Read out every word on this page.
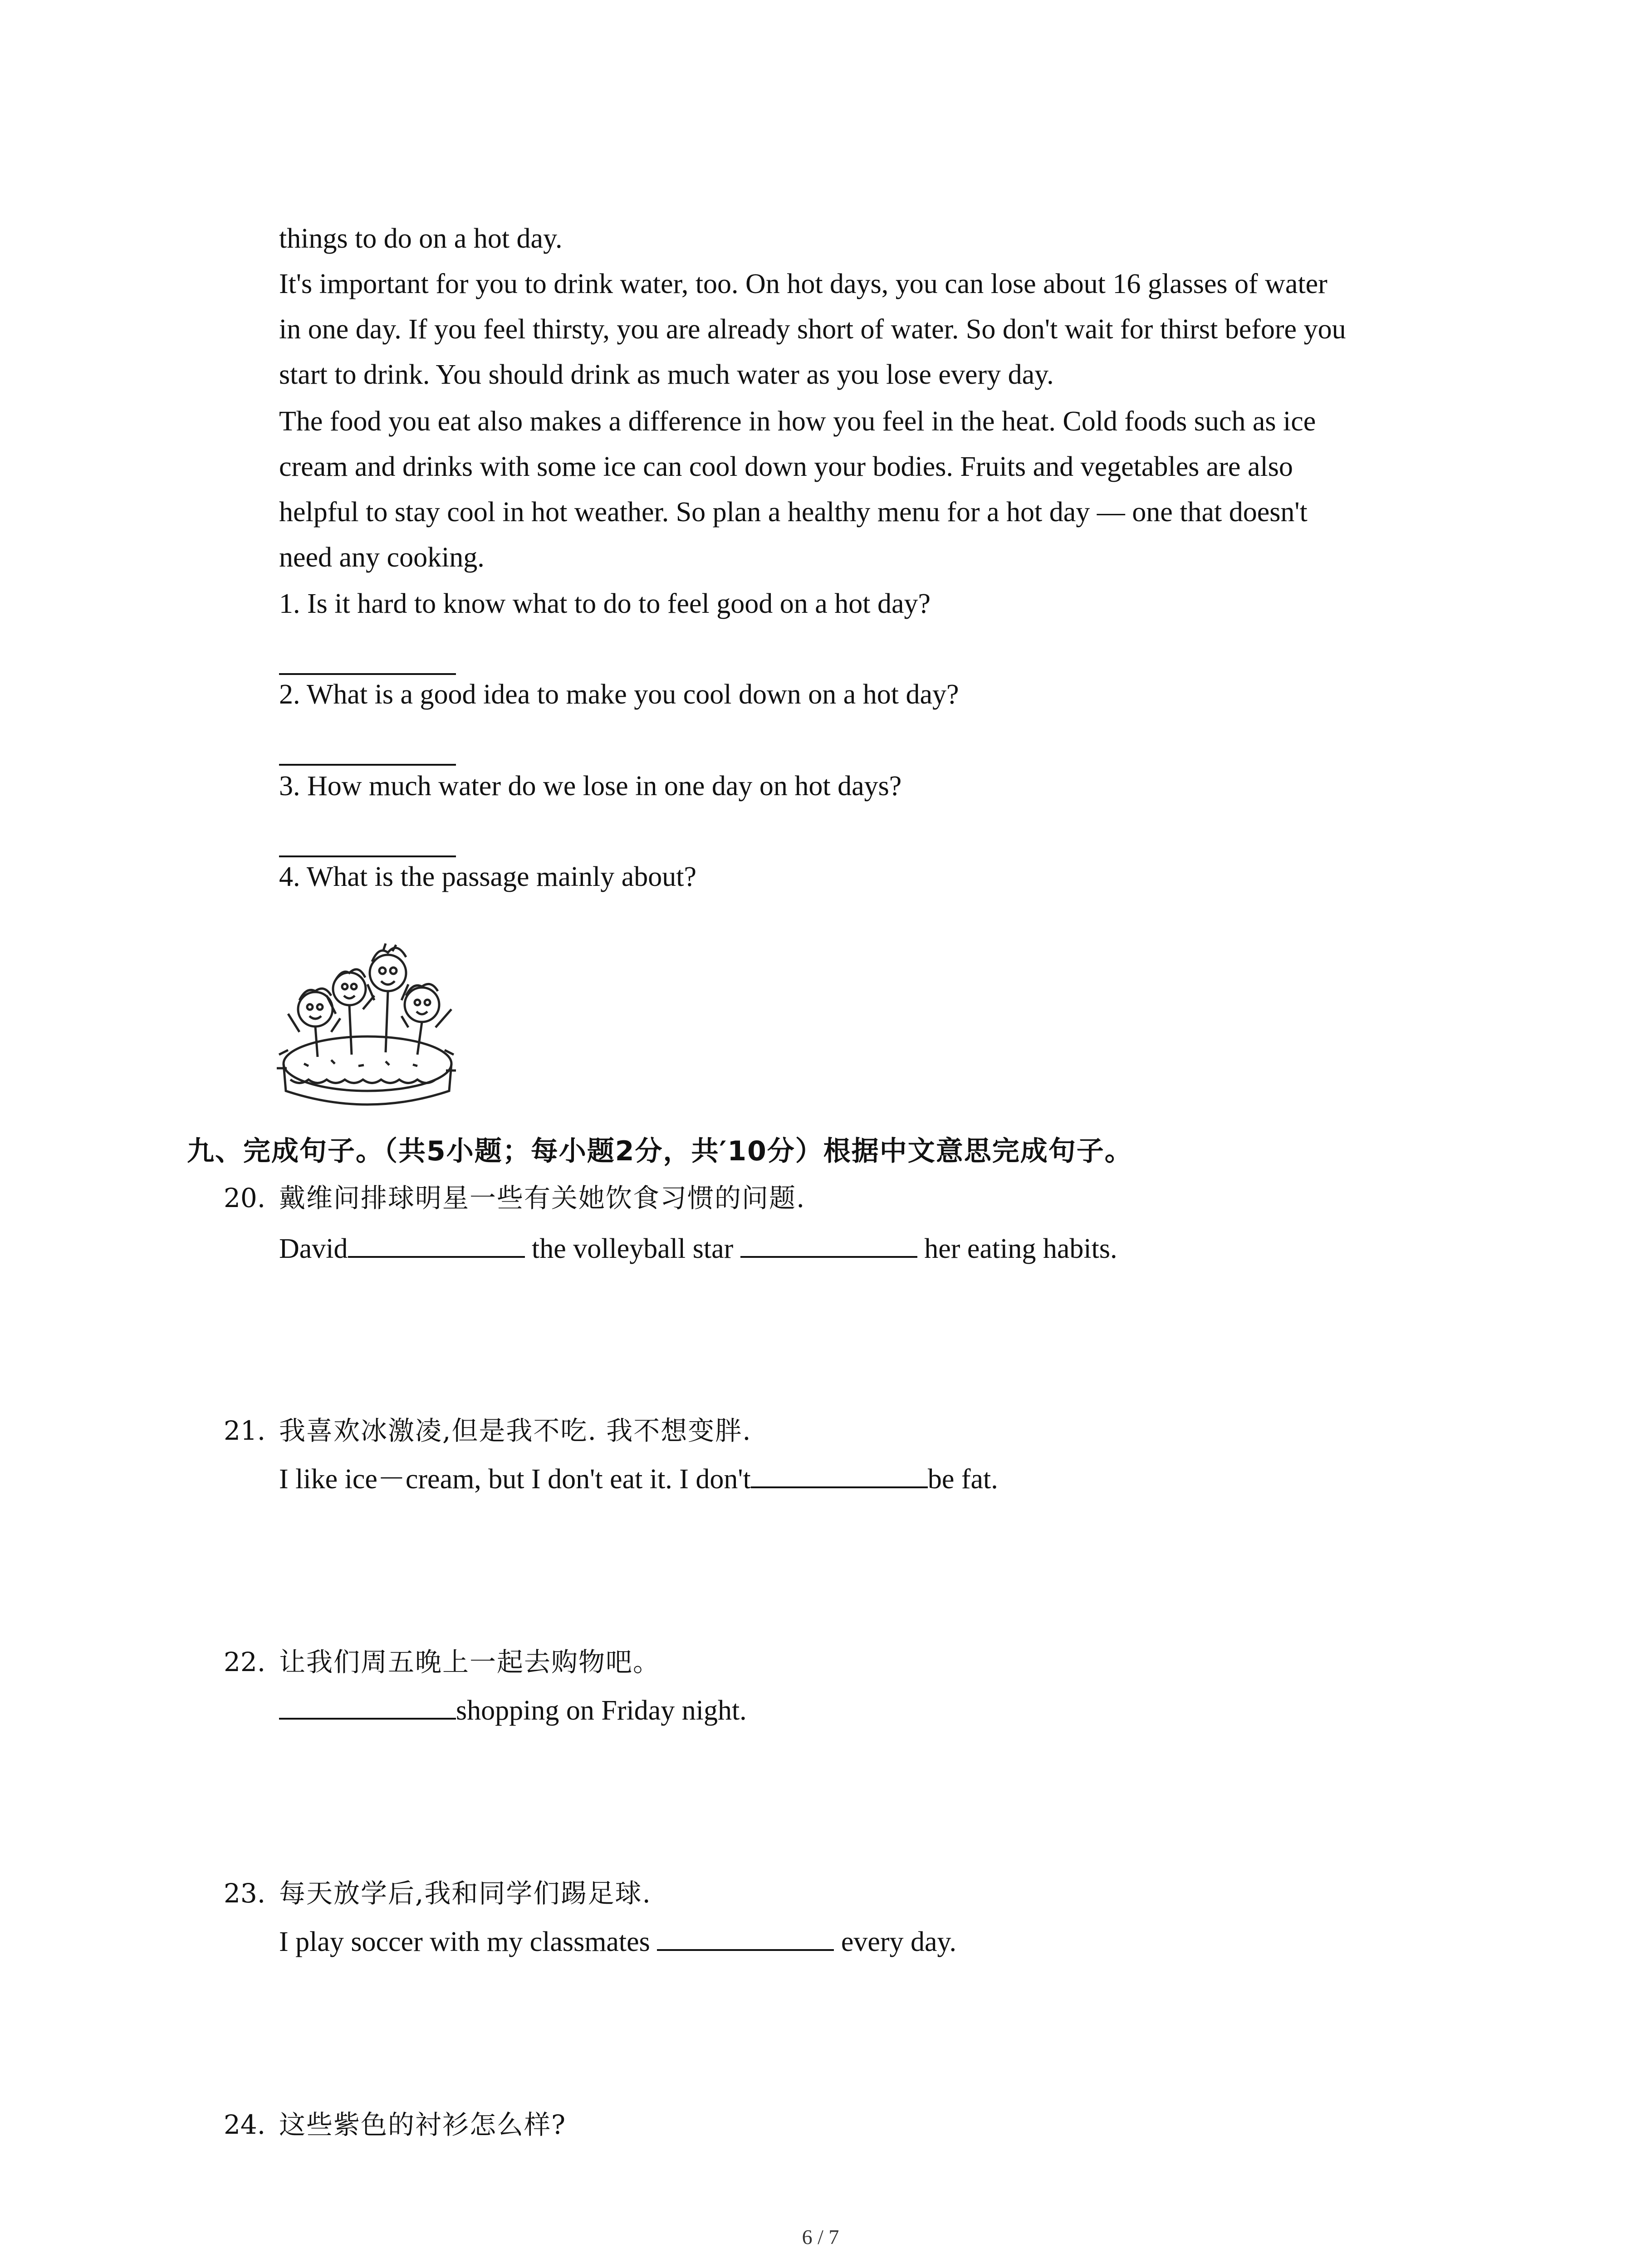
things to do on a hot day.
It's important for you to drink water, too. On hot days, you can lose about 16 glasses of water
in one day. If you feel thirsty, you are already short of water. So don't wait for thirst before you
start to drink. You should drink as much water as you lose every day.
The food you eat also makes a difference in how you feel in the heat. Cold foods such as ice
cream and drinks with some ice can cool down your bodies. Fruits and vegetables are also
helpful to stay cool in hot weather. So plan a healthy menu for a hot day — one that doesn't
need any cooking.
1. Is it hard to know what to do to feel good on a hot day?
2. What is a good idea to make you cool down on a hot day?
3. How much water do we lose in one day on hot days?
4. What is the passage mainly about?
九、完成句子。（共5小题；每小题2分，共′10分）根据中文意思完成句子。
20. 戴维问排球明星一些有关她饮食习惯的问题.
David	the volleyball star	her eating habits.
21. 我喜欢冰激凌,但是我不吃. 我不想变胖.
I like ice－cream, but I don't eat it. I don't	be fat.
22. 让我们周五晚上一起去购物吧。
shopping on Friday night.
23. 每天放学后,我和同学们踢足球.
I play soccer with my classmates	every day.
24. 这些紫色的衬衫怎么样?
6 / 7
